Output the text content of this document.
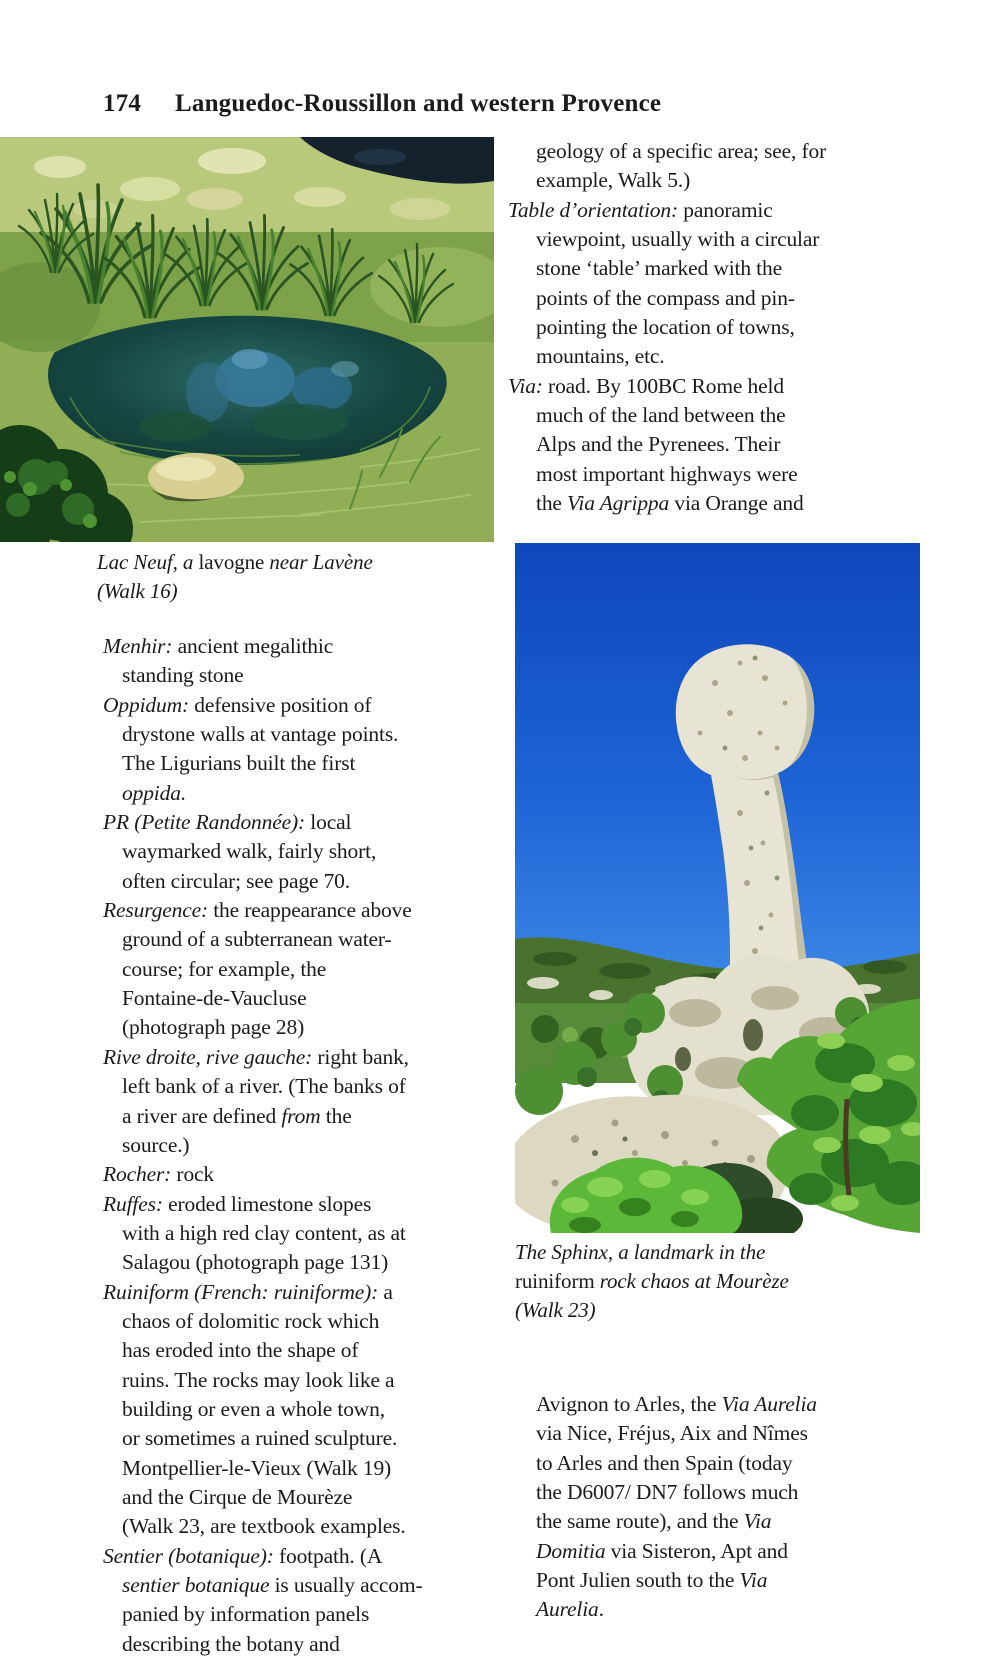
174	Languedoc-Roussillon and western Provence
Lac Neuf, a lavogne near Lavène
(Walk 16)
Menhir: ancient megalithic
standing stone
Oppidum: defensive position of
drystone walls at vantage points.
The Ligurians built the first
oppida.
PR (Petite Randonnée): local
waymarked walk, fairly short,
often circular; see page 70.
Resurgence: the reappearance above
ground of a subterranean water-
course; for example, the
Fontaine-de-Vaucluse
(photograph page 28)
Rive droite, rive gauche: right bank,
left bank of a river. (The banks of
a river are defined from the
source.)
Rocher: rock
Ruffes: eroded limestone slopes
with a high red clay content, as at
Salagou (photograph page 131)
Ruiniform (French: ruiniforme): a
chaos of dolomitic rock which
has eroded into the shape of
ruins. The rocks may look like a
building or even a whole town,
or sometimes a ruined sculpture.
Montpellier-le-Vieux (Walk 19)
and the Cirque de Mourèze
(Walk 23, are textbook examples.
Sentier (botanique): footpath. (A
sentier botanique is usually accom-
panied by information panels
describing the botany and
geology of a specific area; see, for
example, Walk 5.)
Table d’orientation: panoramic
viewpoint, usually with a circular
stone ‘table’ marked with the
points of the compass and pin-
pointing the location of towns,
mountains, etc.
Via: road. By 100BC Rome held
much of the land between the
Alps and the Pyrenees. Their
most important highways were
the Via Agrippa via Orange and
The Sphinx, a landmark in the
ruiniform rock chaos at Mourèze
(Walk 23)
Avignon to Arles, the Via Aurelia
via Nice, Fréjus, Aix and Nîmes
to Arles and then Spain (today
the D6007/ DN7 follows much
the same route), and the Via
Domitia via Sisteron, Apt and
Pont Julien south to the Via
Aurelia.
